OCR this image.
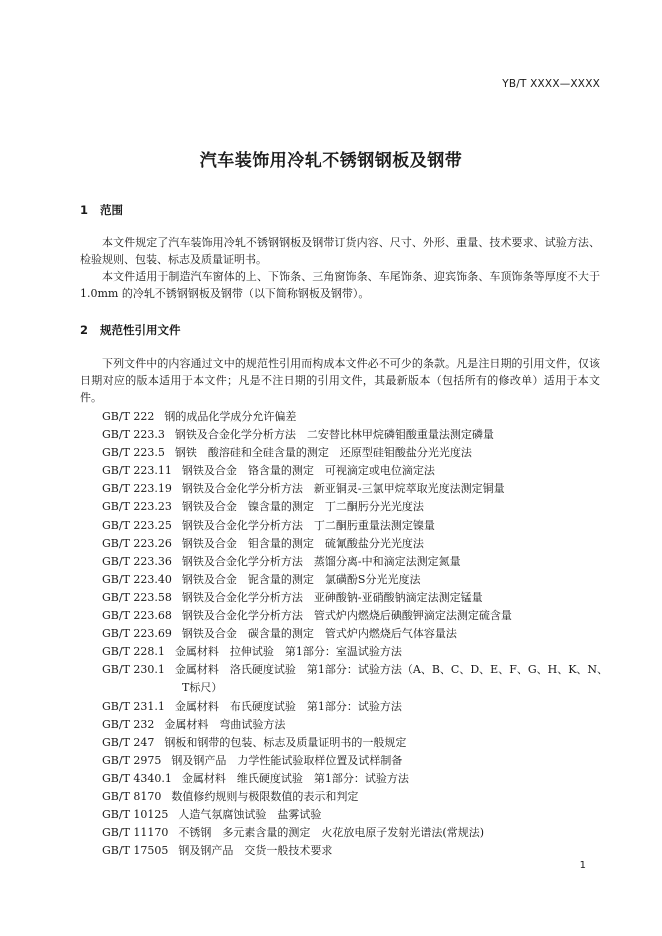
YB/T XXXX—XXXX
汽车装饰用冷轧不锈钢钢板及钢带
1 范围

本文件规定了汽车装饰用冷轧不锈钢钢板及钢带订货内容、尺寸、外形、重量、技术要求、试验方法、检验规则、包装、标志及质量证明书。

本文件适用于制造汽车窗体的上、下饰条、三角窗饰条、车尾饰条、迎宾饰条、车顶饰条等厚度不大于 1.0mm 的冷轧不锈钢钢板及钢带（以下简称钢板及钢带）。

2 规范性引用文件

下列文件中的内容通过文中的规范性引用而构成本文件必不可少的条款。凡是注日期的引用文件，仅该日期对应的版本适用于本文件；凡是不注日期的引用文件，其最新版本（包括所有的修改单）适用于本文件。

GB/T 222 钢的成品化学成分允许偏差
GB/T 223.3 钢铁及合金化学分析方法　二安替比林甲烷磷钼酸重量法测定磷量
GB/T 223.5 钢铁　酸溶硅和全硅含量的测定　还原型硅钼酸盐分光光度法
GB/T 223.11 钢铁及合金　铬含量的测定　可视滴定或电位滴定法
GB/T 223.19 钢铁及合金化学分析方法　新亚铜灵-三氯甲烷萃取光度法测定铜量
GB/T 223.23 钢铁及合金　镍含量的测定　丁二酮肟分光光度法
GB/T 223.25 钢铁及合金化学分析方法　丁二酮肟重量法测定镍量
GB/T 223.26 钢铁及合金　钼含量的测定　硫氰酸盐分光光度法
GB/T 223.36 钢铁及合金化学分析方法　蒸馏分离-中和滴定法测定氮量
GB/T 223.40 钢铁及合金　铌含量的测定　氯磺酚S分光光度法
GB/T 223.58 钢铁及合金化学分析方法　亚砷酸钠-亚硝酸钠滴定法测定锰量
GB/T 223.68 钢铁及合金化学分析方法　管式炉内燃烧后碘酸钾滴定法测定硫含量
GB/T 223.69 钢铁及合金　碳含量的测定　管式炉内燃烧后气体容量法
GB/T 228.1 金属材料　拉伸试验　第1部分：室温试验方法
GB/T 230.1 金属材料　洛氏硬度试验　第1部分：试验方法（A、B、C、D、E、F、G、H、K、N、
T标尺）
GB/T 231.1 金属材料　布氏硬度试验　第1部分：试验方法
GB/T 232 金属材料　弯曲试验方法
GB/T 247 钢板和钢带的包装、标志及质量证明书的一般规定
GB/T 2975 钢及钢产品　力学性能试验取样位置及试样制备
GB/T 4340.1 金属材料　维氏硬度试验　第1部分：试验方法
GB/T 8170 数值修约规则与极限数值的表示和判定
GB/T 10125 人造气氛腐蚀试验　盐雾试验
GB/T 11170 不锈钢　多元素含量的测定　火花放电原子发射光谱法(常规法)
GB/T 17505 钢及钢产品　交货一般技术要求
1
